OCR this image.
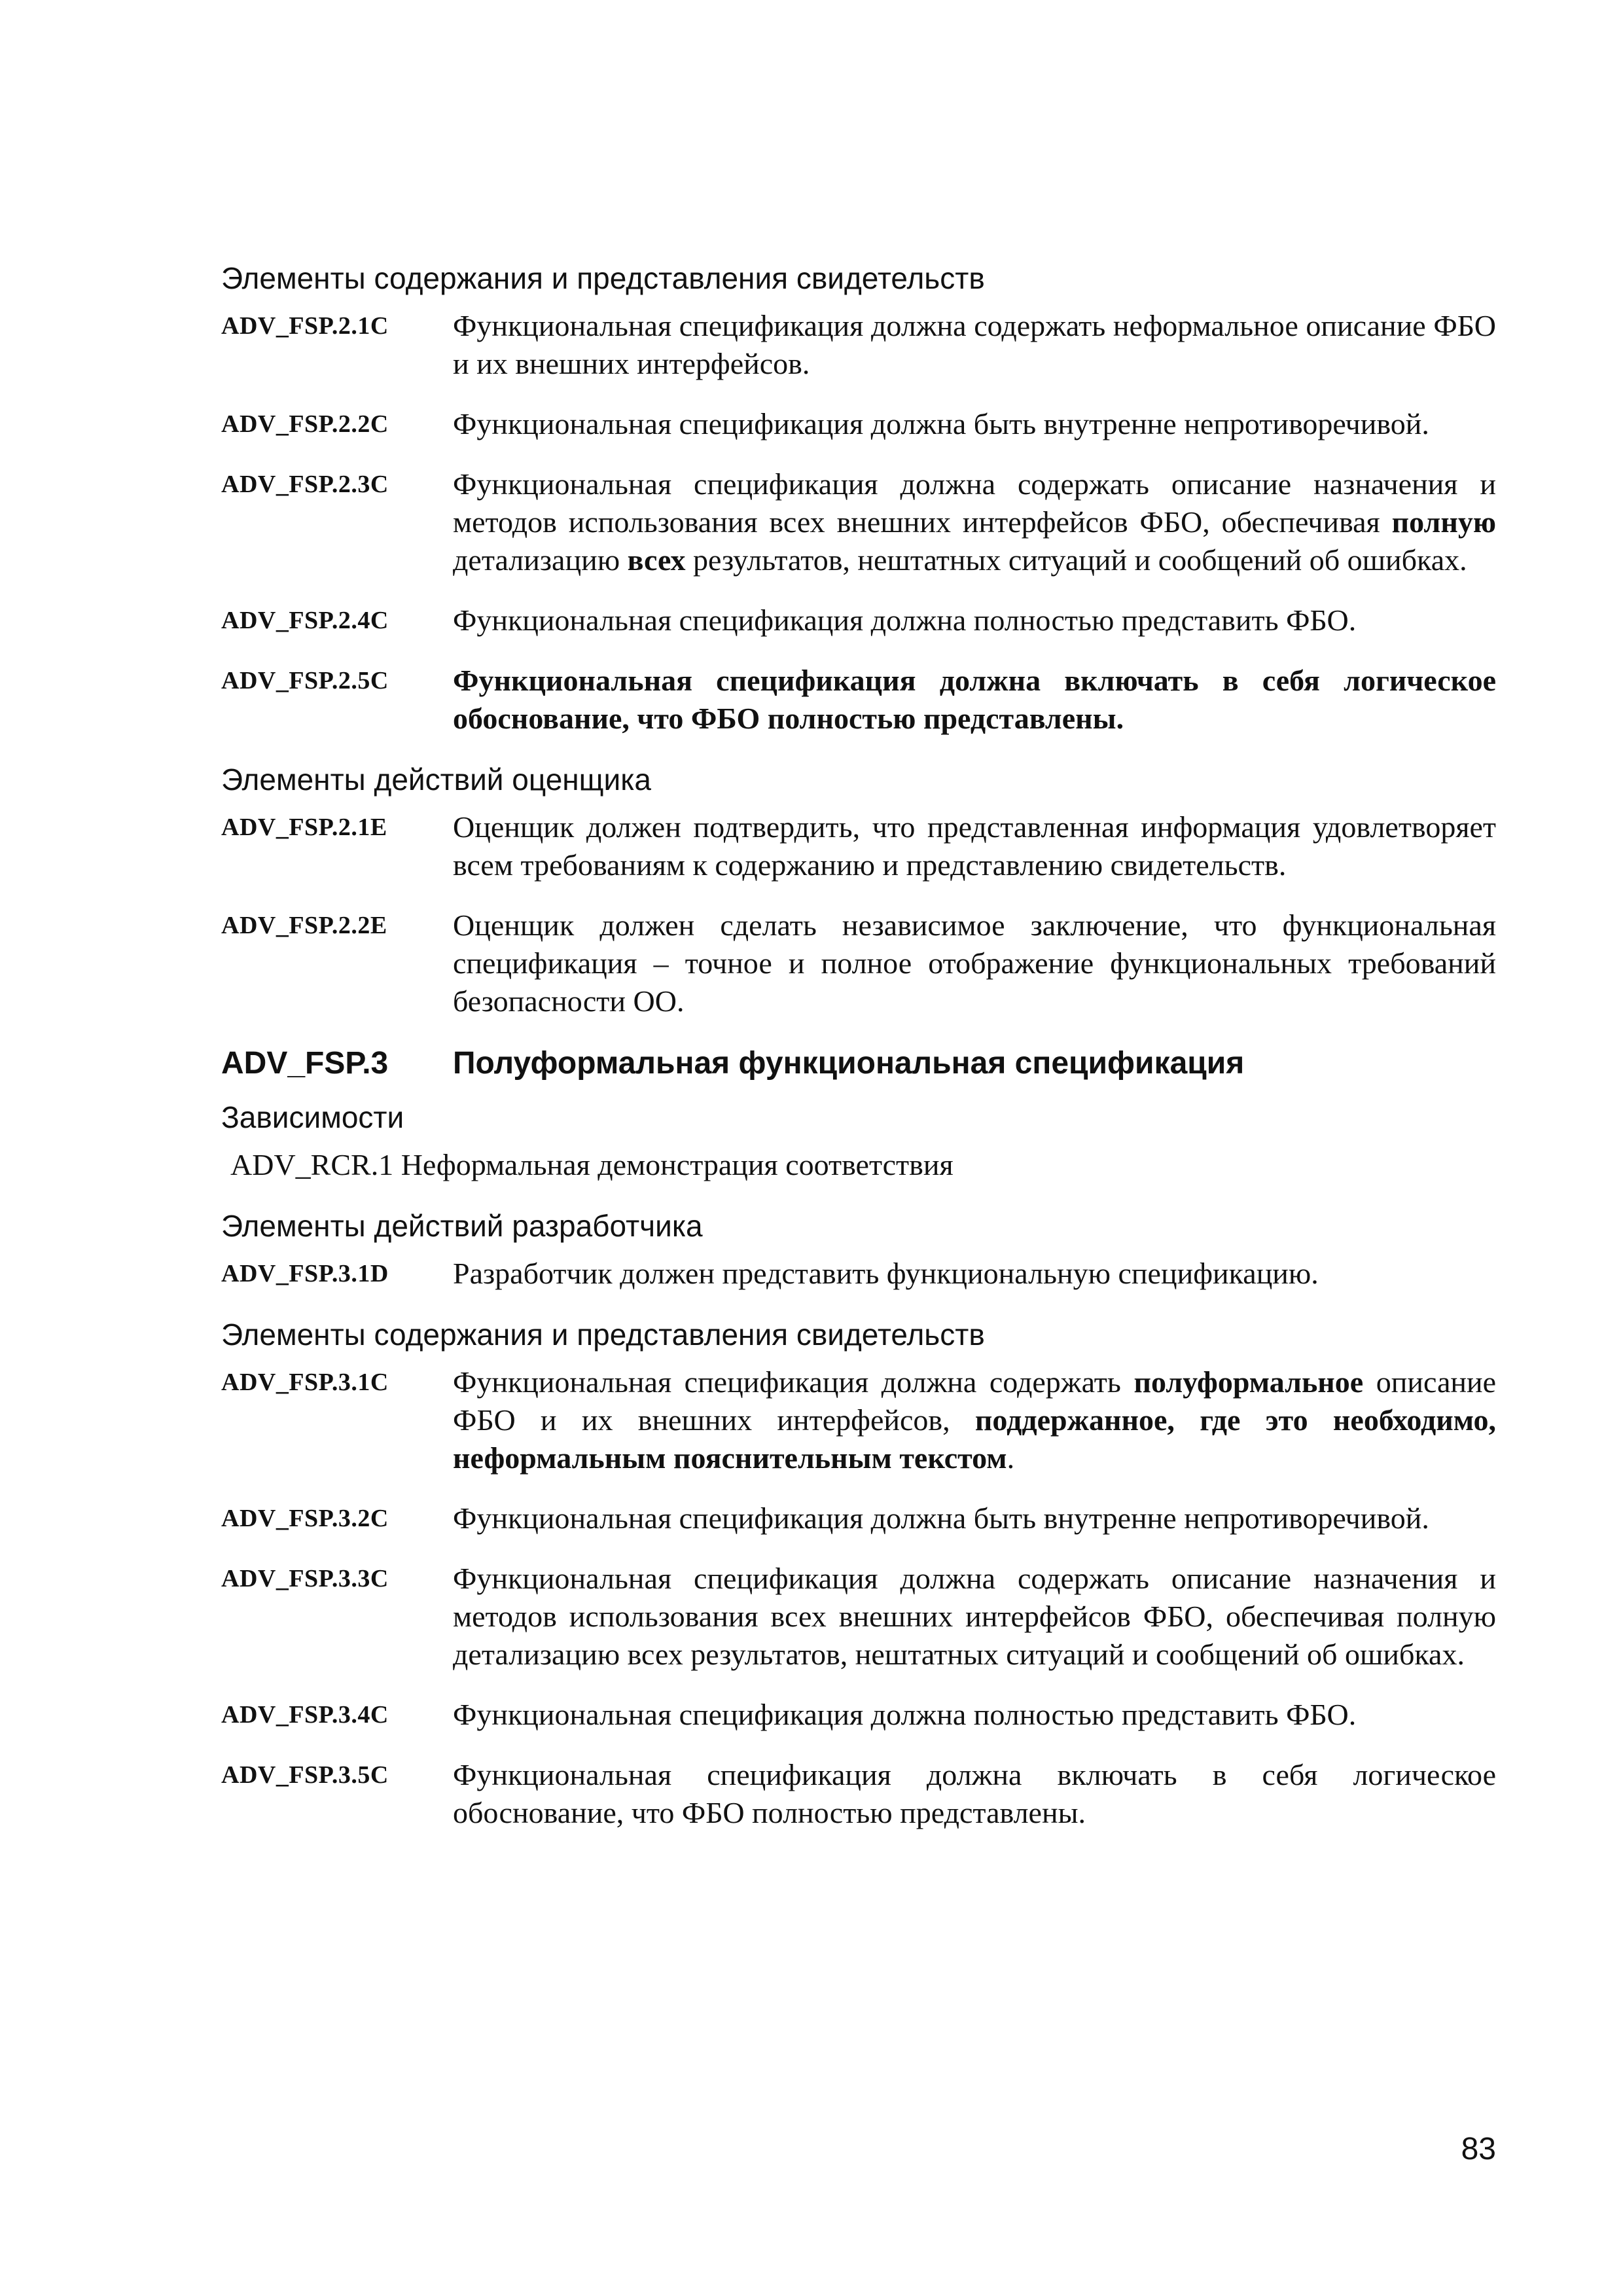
Элементы содержания и представления свидетельств
ADV_FSP.2.1C	Функциональная спецификация должна содержать неформальное описание ФБО и их внешних интерфейсов.
ADV_FSP.2.2C	Функциональная спецификация должна быть внутренне непротиворечивой.
ADV_FSP.2.3C	Функциональная спецификация должна содержать описание назначения и методов использования всех внешних интерфейсов ФБО, обеспечивая полную детализацию всех результатов, нештатных ситуаций и сообщений об ошибках.
ADV_FSP.2.4C	Функциональная спецификация должна полностью представить ФБО.
ADV_FSP.2.5C	Функциональная спецификация должна включать в себя логическое обоснование, что ФБО полностью представлены.
Элементы действий оценщика
ADV_FSP.2.1E	Оценщик должен подтвердить, что представленная информация удовлетворяет всем требованиям к содержанию и представлению свидетельств.
ADV_FSP.2.2E	Оценщик должен сделать независимое заключение, что функциональная спецификация – точное и полное отображение функциональных требований безопасности ОО.
ADV_FSP.3	Полуформальная функциональная спецификация
Зависимости
ADV_RCR.1 Неформальная демонстрация соответствия
Элементы действий разработчика
ADV_FSP.3.1D	Разработчик должен представить функциональную спецификацию.
Элементы содержания и представления свидетельств
ADV_FSP.3.1C	Функциональная спецификация должна содержать полуформальное описание ФБО и их внешних интерфейсов, поддержанное, где это необходимо, неформальным пояснительным текстом.
ADV_FSP.3.2C	Функциональная спецификация должна быть внутренне непротиворечивой.
ADV_FSP.3.3C	Функциональная спецификация должна содержать описание назначения и методов использования всех внешних интерфейсов ФБО, обеспечивая полную детализацию всех результатов, нештатных ситуаций и сообщений об ошибках.
ADV_FSP.3.4C	Функциональная спецификация должна полностью представить ФБО.
ADV_FSP.3.5C	Функциональная спецификация должна включать в себя логическое обоснование, что ФБО полностью представлены.
83
